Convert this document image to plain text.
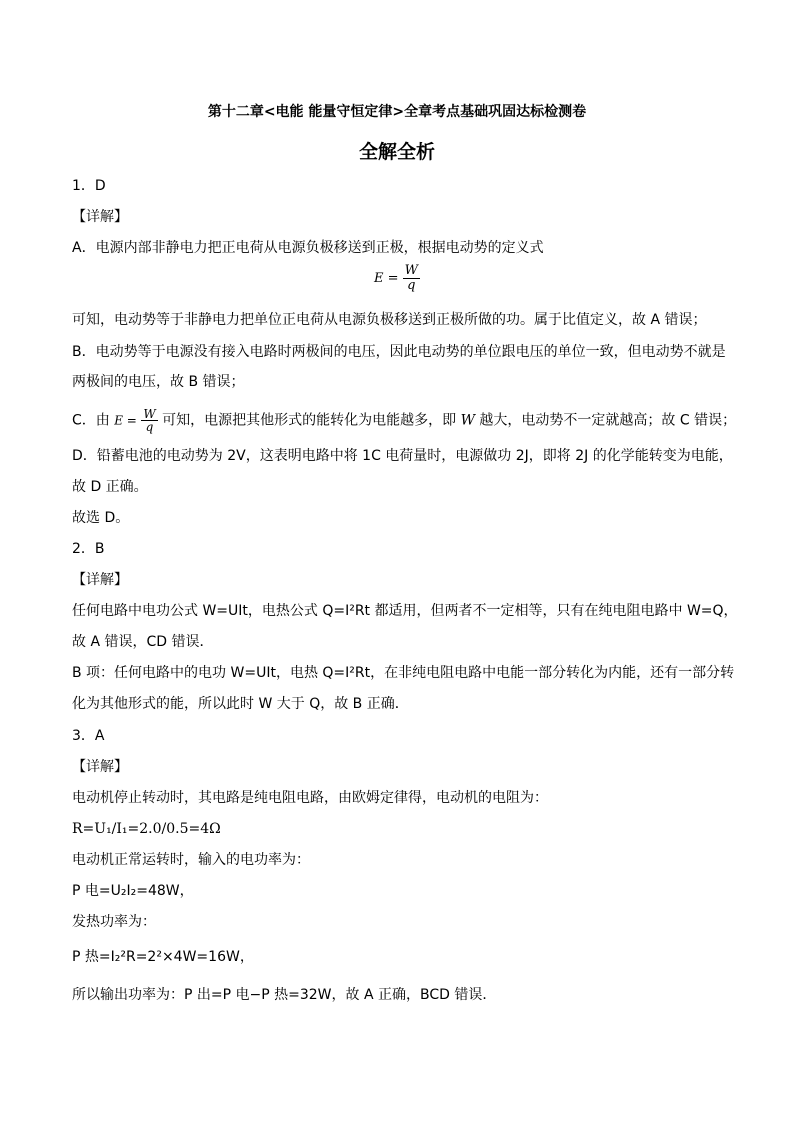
第十二章<电能 能量守恒定律>全章考点基础巩固达标检测卷
全解全析
1．D
【详解】
A．电源内部非静电力把正电荷从电源负极移送到正极，根据电动势的定义式
$E = \frac{W}{q}$
可知，电动势等于非静电力把单位正电荷从电源负极移送到正极所做的功。属于比值定义，故 A 错误；
B．电动势等于电源没有接入电路时两极间的电压，因此电动势的单位跟电压的单位一致，但电动势不就是
两极间的电压，故 B 错误；
C．由 $E = \frac{W}{q}$ 可知，电源把其他形式的能转化为电能越多，即 W 越大，电动势不一定就越高；故 C 错误；
D．铅蓄电池的电动势为 2V，这表明电路中将 1C 电荷量时，电源做功 2J，即将 2J 的化学能转变为电能，
故 D 正确。
故选 D。
2．B
【详解】
任何电路中电功公式 W=UIt，电热公式 Q=I²Rt 都适用，但两者不一定相等，只有在纯电阻电路中 W=Q，
故 A 错误，CD 错误．
B 项：任何电路中的电功 W=UIt，电热 Q=I²Rt，在非纯电阻电路中电能一部分转化为内能，还有一部分转
化为其他形式的能，所以此时 W 大于 Q，故 B 正确．
3．A
【详解】
电动机停止转动时，其电路是纯电阻电路，由欧姆定律得，电动机的电阻为：
R=U₁/I₁=2.0/0.5=4Ω
电动机正常运转时，输入的电功率为：
P 电=U₂I₂=48W，
发热功率为：
P 热=I₂²R=2²×4W=16W，
所以输出功率为：P 出=P 电−P 热=32W，故 A 正确，BCD 错误．
